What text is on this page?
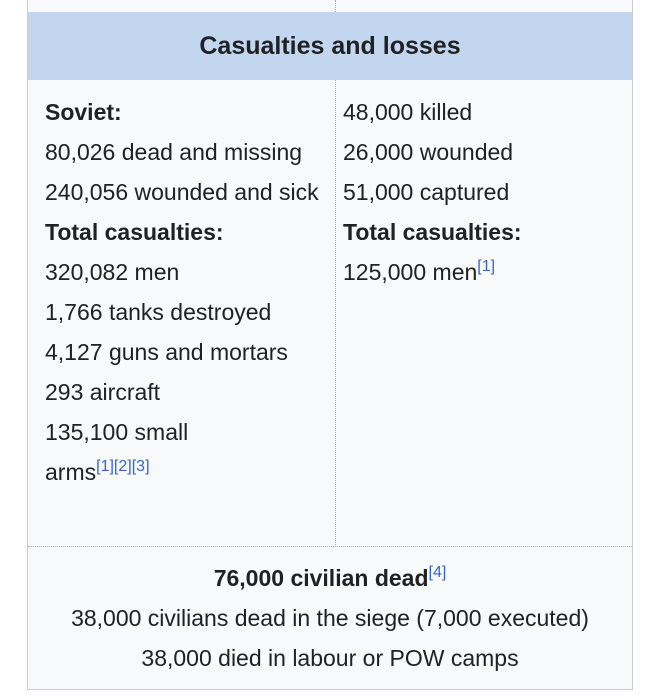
Casualties and losses
Soviet:
80,026 dead and missing
240,056 wounded and sick
Total casualties:
320,082 men
1,766 tanks destroyed
4,127 guns and mortars
293 aircraft
135,100 small arms[1][2][3]
48,000 killed
26,000 wounded
51,000 captured
Total casualties:
125,000 men[1]
76,000 civilian dead[4]
38,000 civilians dead in the siege (7,000 executed)
38,000 died in labour or POW camps
